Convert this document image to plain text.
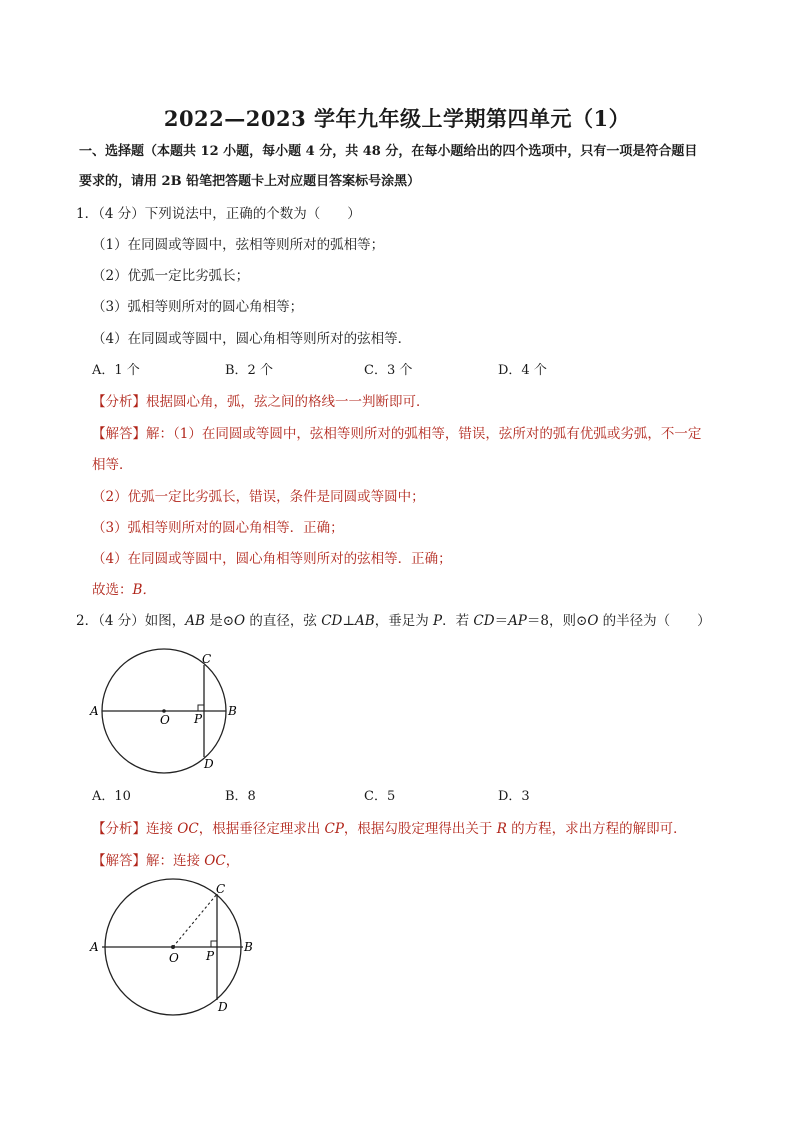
2022—2023 学年九年级上学期第四单元（1）
一、选择题（本题共 12 小题，每小题 4 分，共 48 分，在每小题给出的四个选项中，只有一项是符合题目
要求的，请用 2B 铅笔把答题卡上对应题目答案标号涂黑）
1．（4 分）下列说法中，正确的个数为（　　）
（1）在同圆或等圆中，弦相等则所对的弧相等；
（2）优弧一定比劣弧长；
（3）弧相等则所对的圆心角相等；
（4）在同圆或等圆中，圆心角相等则所对的弦相等．
A．1 个	B．2 个	C．3 个	D．4 个
【分析】根据圆心角，弧，弦之间的格线一一判断即可．
【解答】解：（1）在同圆或等圆中，弦相等则所对的弧相等，错误，弦所对的弧有优弧或劣弧，不一定
相等．
（2）优弧一定比劣弧长，错误，条件是同圆或等圆中；
（3）弧相等则所对的圆心角相等．正确；
（4）在同圆或等圆中，圆心角相等则所对的弦相等．正确；
故选：B．
2．（4 分）如图，AB 是⊙O 的直径，弦 CD⊥AB，垂足为 P．若 CD＝AP＝8，则⊙O 的半径为（　　）
A	B
C
D
O P
A．10	B．8	C．5	D．3
【分析】连接 OC，根据垂径定理求出 CP，根据勾股定理得出关于 R 的方程，求出方程的解即可．
【解答】解：连接 OC，
A	B
C
D
O P
